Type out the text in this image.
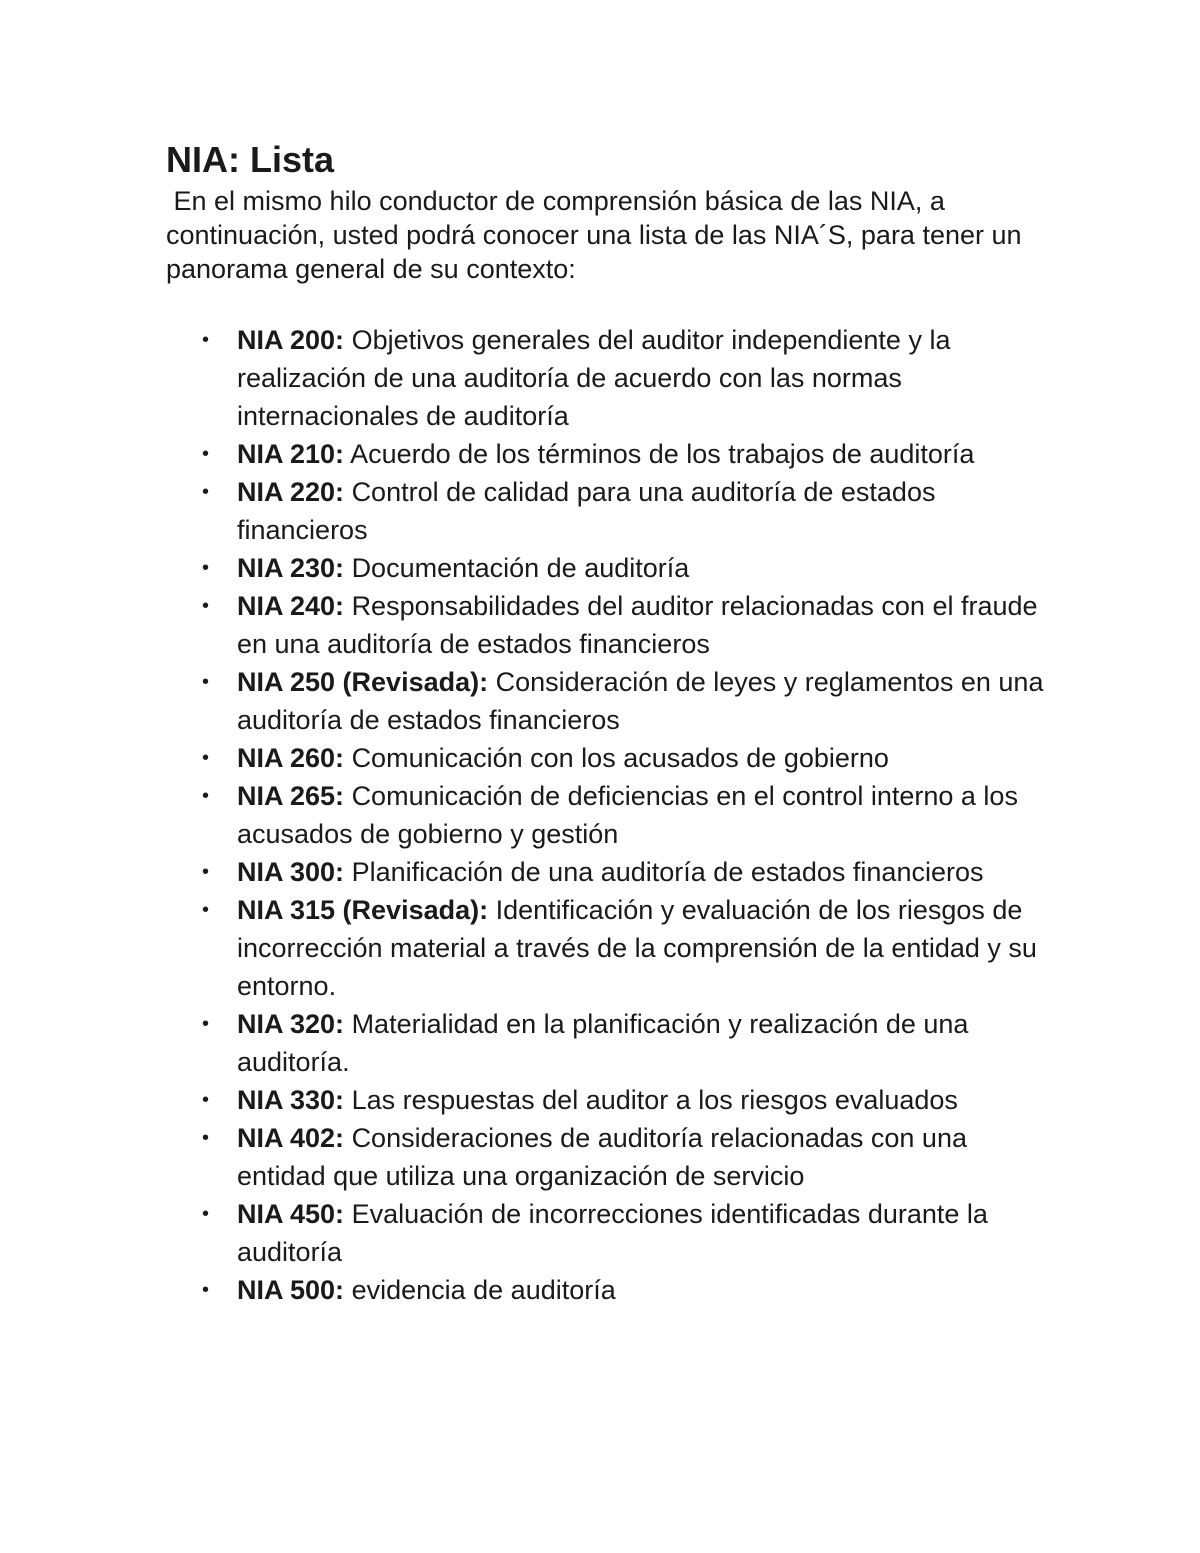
NIA: Lista

En el mismo hilo conductor de comprensión básica de las NIA, a continuación, usted podrá conocer una lista de las NIA´S, para tener un panorama general de su contexto:

• NIA 200: Objetivos generales del auditor independiente y la realización de una auditoría de acuerdo con las normas internacionales de auditoría
• NIA 210: Acuerdo de los términos de los trabajos de auditoría
• NIA 220: Control de calidad para una auditoría de estados financieros
• NIA 230: Documentación de auditoría
• NIA 240: Responsabilidades del auditor relacionadas con el fraude en una auditoría de estados financieros
• NIA 250 (Revisada): Consideración de leyes y reglamentos en una auditoría de estados financieros
• NIA 260: Comunicación con los acusados de gobierno
• NIA 265: Comunicación de deficiencias en el control interno a los acusados de gobierno y gestión
• NIA 300: Planificación de una auditoría de estados financieros
• NIA 315 (Revisada): Identificación y evaluación de los riesgos de incorrección material a través de la comprensión de la entidad y su entorno.
• NIA 320: Materialidad en la planificación y realización de una auditoría.
• NIA 330: Las respuestas del auditor a los riesgos evaluados
• NIA 402: Consideraciones de auditoría relacionadas con una entidad que utiliza una organización de servicio
• NIA 450: Evaluación de incorrecciones identificadas durante la auditoría
• NIA 500: evidencia de auditoría
